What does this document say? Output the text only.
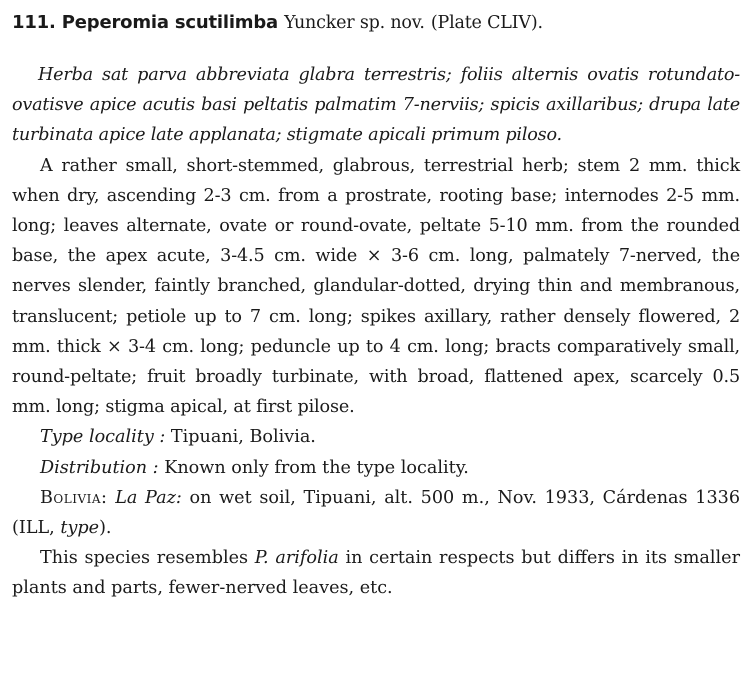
111. Peperomia scutilimba Yuncker sp. nov. (Plate CLIV).

Herba sat parva abbreviata glabra terrestris; foliis alternis ovatis rotundato-ovatisve apice acutis basi peltatis palmatim 7-nerviis; spicis axillaribus; drupa late turbinata apice late applanata; stigmate apicali primum piloso.

A rather small, short-stemmed, glabrous, terrestrial herb; stem 2 mm. thick when dry, ascending 2-3 cm. from a prostrate, rooting base; internodes 2-5 mm. long; leaves alternate, ovate or round-ovate, peltate 5-10 mm. from the rounded base, the apex acute, 3-4.5 cm. wide × 3-6 cm. long, palmately 7-nerved, the nerves slender, faintly branched, glandular-dotted, drying thin and membranous, translucent; petiole up to 7 cm. long; spikes axillary, rather densely flowered, 2 mm. thick × 3-4 cm. long; peduncle up to 4 cm. long; bracts comparatively small, round-peltate; fruit broadly turbinate, with broad, flattened apex, scarcely 0.5 mm. long; stigma apical, at first pilose.

Type locality : Tipuani, Bolivia.

Distribution : Known only from the type locality.

Bolivia: La Paz: on wet soil, Tipuani, alt. 500 m., Nov. 1933, Cárdenas 1336 (ILL, type).

This species resembles P. arifolia in certain respects but differs in its smaller plants and parts, fewer-nerved leaves, etc.
